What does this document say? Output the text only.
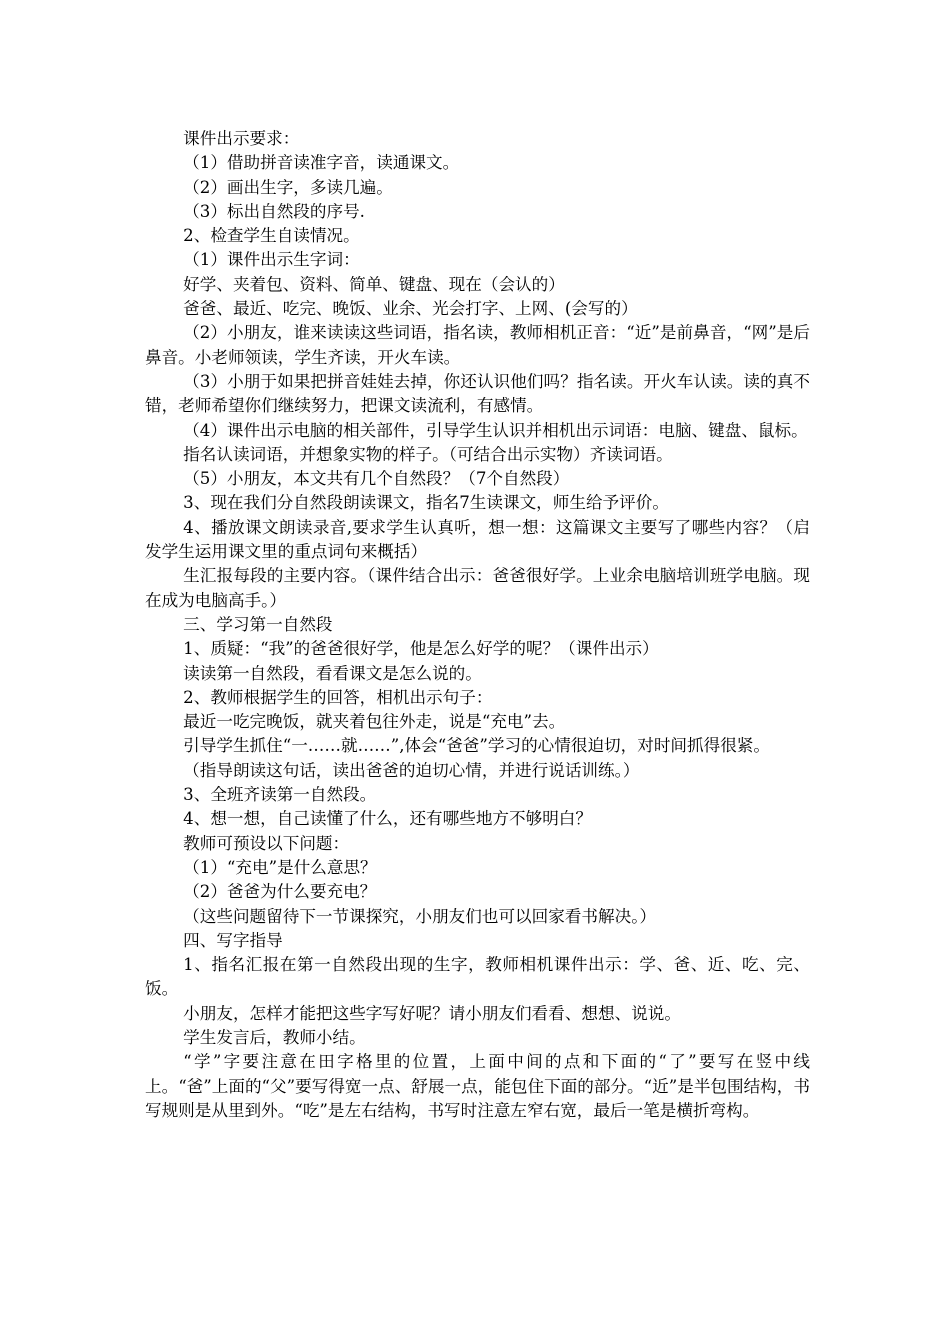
课件出示要求：

（1）借助拼音读准字音，读通课文。

（2）画出生字，多读几遍。

（3）标出自然段的序号.

2、检查学生自读情况。

（1）课件出示生字词：

好学、夹着包、资料、简单、键盘、现在（会认的）

爸爸、最近、吃完、晚饭、业余、光会打字、上网、(会写的）

（2）小朋友，谁来读读这些词语，指名读，教师相机正音：“近”是前鼻音，“网”是后鼻音。小老师领读，学生齐读，开火车读。

（3）小朋于如果把拼音娃娃去掉，你还认识他们吗？指名读。开火车认读。读的真不错，老师希望你们继续努力，把课文读流利，有感情。

（4）课件出示电脑的相关部件，引导学生认识并相机出示词语：电脑、键盘、鼠标。

指名认读词语，并想象实物的样子。（可结合出示实物）齐读词语。

（5）小朋友，本文共有几个自然段？（7个自然段）

3、现在我们分自然段朗读课文，指名7生读课文，师生给予评价。

4、播放课文朗读录音,要求学生认真听，想一想：这篇课文主要写了哪些内容？（启发学生运用课文里的重点词句来概括）

生汇报每段的主要内容。（课件结合出示：爸爸很好学。上业余电脑培训班学电脑。现在成为电脑高手。）

三、学习第一自然段

1、质疑：“我”的爸爸很好学，他是怎么好学的呢？（课件出示）

读读第一自然段，看看课文是怎么说的。

2、教师根据学生的回答，相机出示句子：

最近一吃完晚饭，就夹着包往外走，说是“充电”去。

引导学生抓住“一……就……”,体会“爸爸”学习的心情很迫切，对时间抓得很紧。

（指导朗读这句话，读出爸爸的迫切心情，并进行说话训练。）

3、全班齐读第一自然段。

4、想一想，自己读懂了什么，还有哪些地方不够明白？

教师可预设以下问题：

（1）“充电”是什么意思？

（2）爸爸为什么要充电？

（这些问题留待下一节课探究，小朋友们也可以回家看书解决。）

四、写字指导

1、指名汇报在第一自然段出现的生字，教师相机课件出示：学、爸、近、吃、完、饭。

小朋友，怎样才能把这些字写好呢？请小朋友们看看、想想、说说。

学生发言后，教师小结。

“学”字要注意在田字格里的位置，上面中间的点和下面的“了”要写在竖中线上。“爸”上面的“父”要写得宽一点、舒展一点，能包住下面的部分。“近”是半包围结构，书写规则是从里到外。“吃”是左右结构，书写时注意左窄右宽，最后一笔是横折弯构。
